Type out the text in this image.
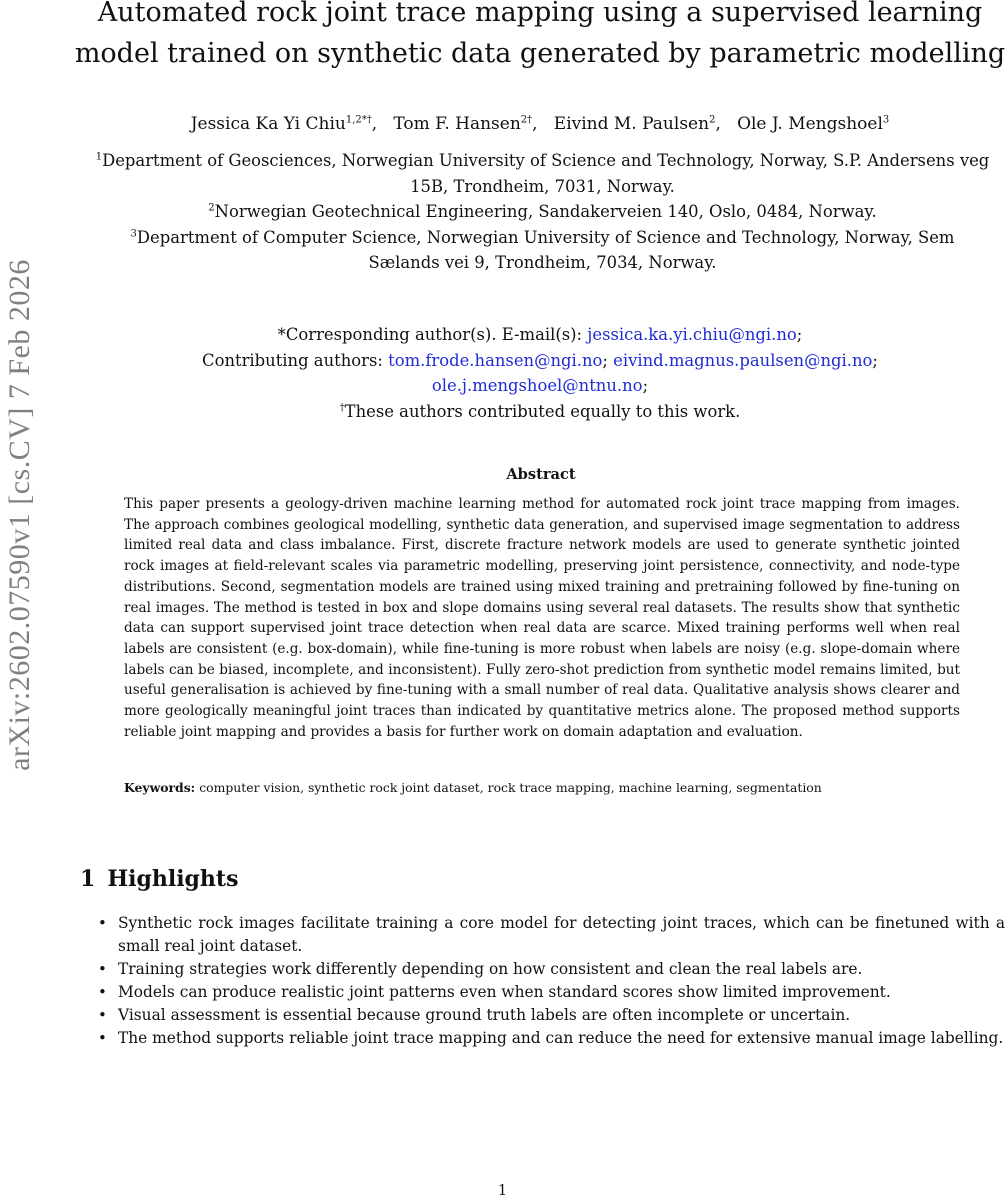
arXiv:2602.07590v1 [cs.CV] 7 Feb 2026
Automated rock joint trace mapping using a supervised learning model trained on synthetic data generated by parametric modelling
Jessica Ka Yi Chiu$^{1,2*\dagger}$,   Tom F. Hansen$^{2\dagger}$,   Eivind M. Paulsen$^2$,   Ole J. Mengshoel$^3$
$^1$Department of Geosciences, Norwegian University of Science and Technology, Norway, S.P. Andersens veg 15B, Trondheim, 7031, Norway.
$^2$Norwegian Geotechnical Engineering, Sandakerveien 140, Oslo, 0484, Norway.
$^3$Department of Computer Science, Norwegian University of Science and Technology, Norway, Sem Sælands vei 9, Trondheim, 7034, Norway.
*Corresponding author(s). E-mail(s): jessica.ka.yi.chiu@ngi.no;
Contributing authors: tom.frode.hansen@ngi.no; eivind.magnus.paulsen@ngi.no;
ole.j.mengshoel@ntnu.no;
†These authors contributed equally to this work.
Abstract

This paper presents a geology-driven machine learning method for automated rock joint trace mapping from images. The approach combines geological modelling, synthetic data generation, and supervised image segmentation to address limited real data and class imbalance. First, discrete fracture network models are used to generate synthetic jointed rock images at field-relevant scales via parametric modelling, preserving joint persistence, connectivity, and node-type distributions. Second, segmentation models are trained using mixed training and pretraining followed by fine-tuning on real images. The method is tested in box and slope domains using several real datasets. The results show that synthetic data can support supervised joint trace detection when real data are scarce. Mixed training performs well when real labels are consistent (e.g. box-domain), while fine-tuning is more robust when labels are noisy (e.g. slope-domain where labels can be biased, incomplete, and inconsistent). Fully zero-shot prediction from synthetic model remains limited, but useful generalisation is achieved by fine-tuning with a small number of real data. Qualitative analysis shows clearer and more geologically meaningful joint traces than indicated by quantitative metrics alone. The proposed method supports reliable joint mapping and provides a basis for further work on domain adaptation and evaluation.

Keywords: computer vision, synthetic rock joint dataset, rock trace mapping, machine learning, segmentation
1 Highlights
• Synthetic rock images facilitate training a core model for detecting joint traces, which can be finetuned with a small real joint dataset.
• Training strategies work differently depending on how consistent and clean the real labels are.
• Models can produce realistic joint patterns even when standard scores show limited improvement.
• Visual assessment is essential because ground truth labels are often incomplete or uncertain.
• The method supports reliable joint trace mapping and can reduce the need for extensive manual image labelling.
1
